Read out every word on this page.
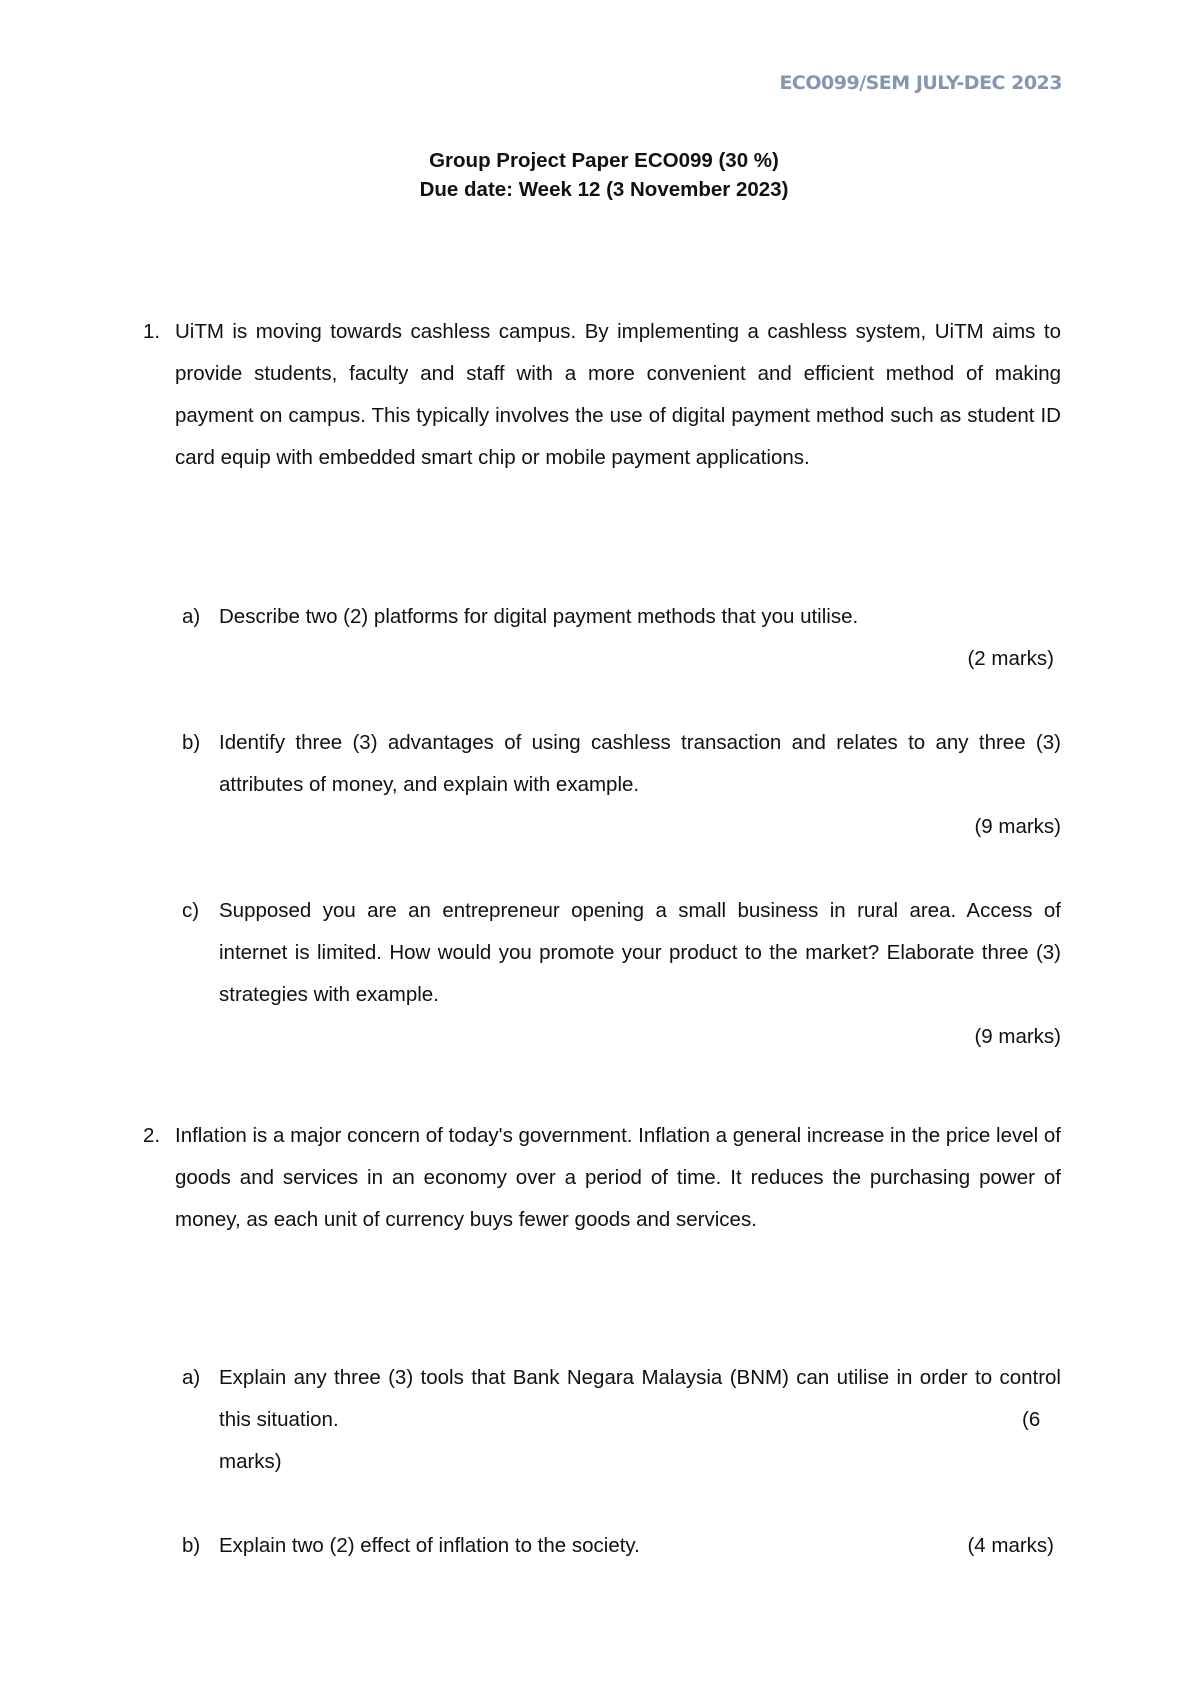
ECO099/SEM JULY-DEC 2023
Group Project Paper ECO099 (30 %)
Due date: Week 12 (3 November 2023)
1. UiTM is moving towards cashless campus. By implementing a cashless system, UiTM aims to provide students, faculty and staff with a more convenient and efficient method of making payment on campus. This typically involves the use of digital payment method such as student ID card equip with embedded smart chip or mobile payment applications.
a) Describe two (2) platforms for digital payment methods that you utilise.
(2 marks)
b) Identify three (3) advantages of using cashless transaction and relates to any three (3) attributes of money, and explain with example.
(9 marks)
c) Supposed you are an entrepreneur opening a small business in rural area. Access of internet is limited. How would you promote your product to the market? Elaborate three (3) strategies with example.
(9 marks)
2. Inflation is a major concern of today's government. Inflation a general increase in the price level of goods and services in an economy over a period of time. It reduces the purchasing power of money, as each unit of currency buys fewer goods and services.
a) Explain any three (3) tools that Bank Negara Malaysia (BNM) can utilise in order to control this situation.	(6
marks)
b) Explain two (2) effect of inflation to the society.	(4 marks)
